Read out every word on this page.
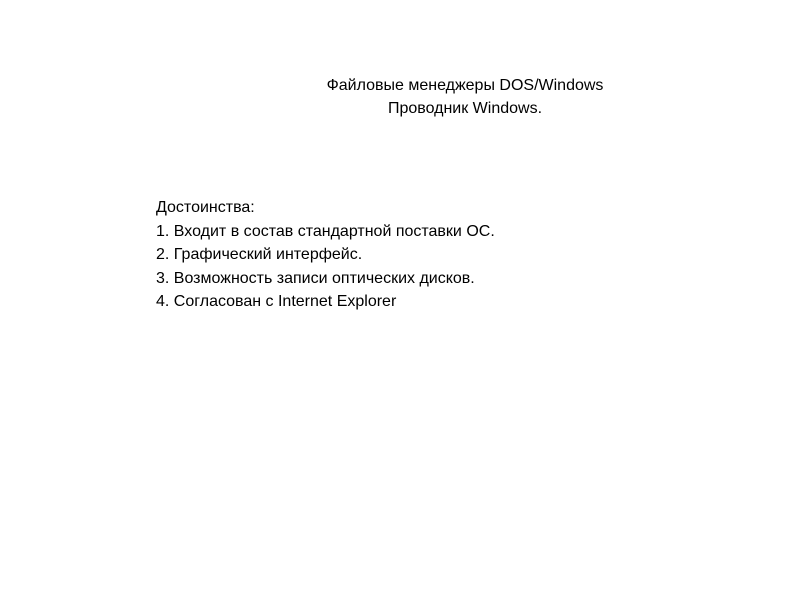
Файловые менеджеры DOS/Windows
Проводник Windows.
Достоинства:
1. Входит в состав стандартной поставки ОС.
2. Графический интерфейс.
3. Возможность записи оптических дисков.
4. Согласован с Internet Explorer
